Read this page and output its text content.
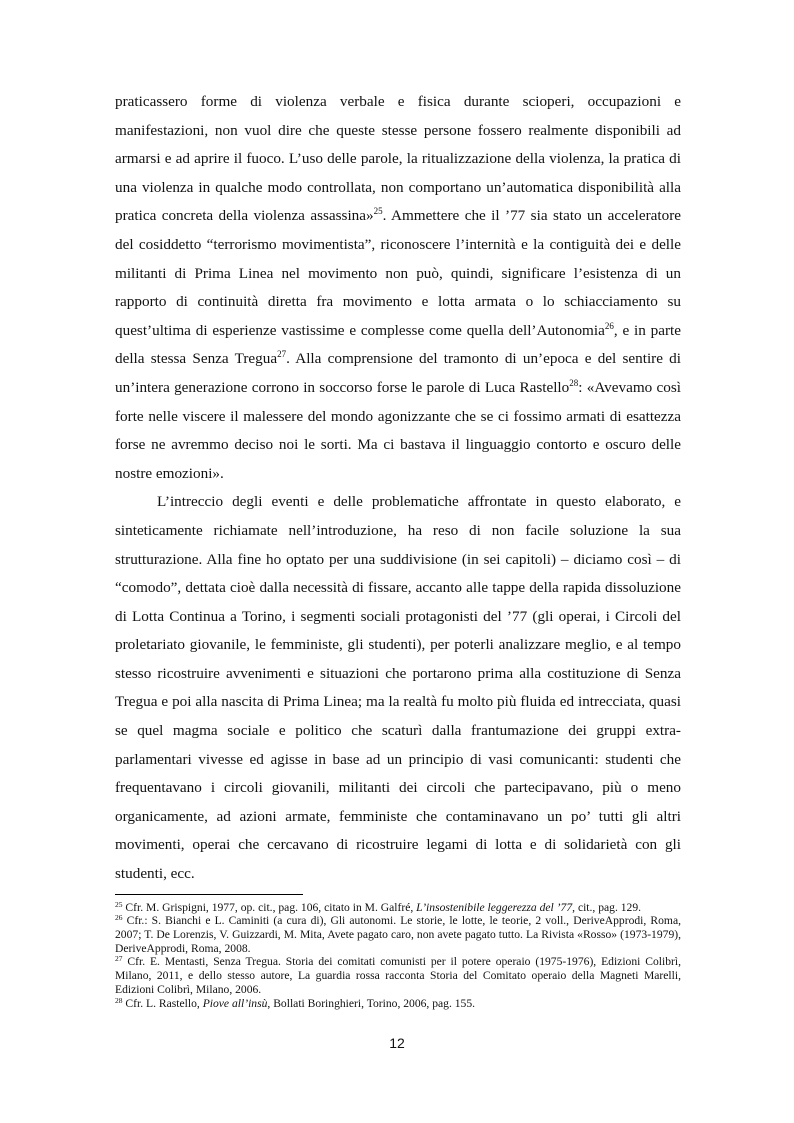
praticassero forme di violenza verbale e fisica durante scioperi, occupazioni e manifestazioni, non vuol dire che queste stesse persone fossero realmente disponibili ad armarsi e ad aprire il fuoco. L’uso delle parole, la ritualizzazione della violenza, la pratica di una violenza in qualche modo controllata, non comportano un’automatica disponibilità alla pratica concreta della violenza assassina»$^{25}$. Ammettere che il ’77 sia stato un acceleratore del cosiddetto “terrorismo movimentista”, riconoscere l’internità e la contiguità dei e delle militanti di Prima Linea nel movimento non può, quindi, significare l’esistenza di un rapporto di continuità diretta fra movimento e lotta armata o lo schiacciamento su quest’ultima di esperienze vastissime e complesse come quella dell’Autonomia$^{26}$, e in parte della stessa Senza Tregua$^{27}$. Alla comprensione del tramonto di un’epoca e del sentire di un’intera generazione corrono in soccorso forse le parole di Luca Rastello$^{28}$: «Avevamo così forte nelle viscere il malessere del mondo agonizzante che se ci fossimo armati di esattezza forse ne avremmo deciso noi le sorti. Ma ci bastava il linguaggio contorto e oscuro delle nostre emozioni».

L’intreccio degli eventi e delle problematiche affrontate in questo elaborato, e sinteticamente richiamate nell’introduzione, ha reso di non facile soluzione la sua strutturazione. Alla fine ho optato per una suddivisione (in sei capitoli) – diciamo così – di “comodo”, dettata cioè dalla necessità di fissare, accanto alle tappe della rapida dissoluzione di Lotta Continua a Torino, i segmenti sociali protagonisti del ’77 (gli operai, i Circoli del proletariato giovanile, le femministe, gli studenti), per poterli analizzare meglio, e al tempo stesso ricostruire avvenimenti e situazioni che portarono prima alla costituzione di Senza Tregua e poi alla nascita di Prima Linea; ma la realtà fu molto più fluida ed intrecciata, quasi se quel magma sociale e politico che scaturì dalla frantumazione dei gruppi extra-parlamentari vivesse ed agisse in base ad un principio di vasi comunicanti: studenti che frequentavano i circoli giovanili, militanti dei circoli che partecipavano, più o meno organicamente, ad azioni armate, femministe che contaminavano un po’ tutti gli altri movimenti, operai che cercavano di ricostruire legami di lotta e di solidarietà con gli studenti, ecc.

$^{25}$ Cfr. M. Grispigni, 1977, op. cit., pag. 106, citato in M. Galfré, L’insostenibile leggerezza del ’77, cit., pag. 129.

$^{26}$ Cfr.: S. Bianchi e L. Caminiti (a cura di), Gli autonomi. Le storie, le lotte, le teorie, 2 voll., DeriveApprodi, Roma, 2007; T. De Lorenzis, V. Guizzardi, M. Mita, Avete pagato caro, non avete pagato tutto. La Rivista «Rosso» (1973-1979), DeriveApprodi, Roma, 2008.

$^{27}$ Cfr. E. Mentasti, Senza Tregua. Storia dei comitati comunisti per il potere operaio (1975-1976), Edizioni Colibrì, Milano, 2011, e dello stesso autore, La guardia rossa racconta Storia del Comitato operaio della Magneti Marelli, Edizioni Colibrì, Milano, 2006.

$^{28}$ Cfr. L. Rastello, Piove all’insù, Bollati Boringhieri, Torino, 2006, pag. 155.

12
